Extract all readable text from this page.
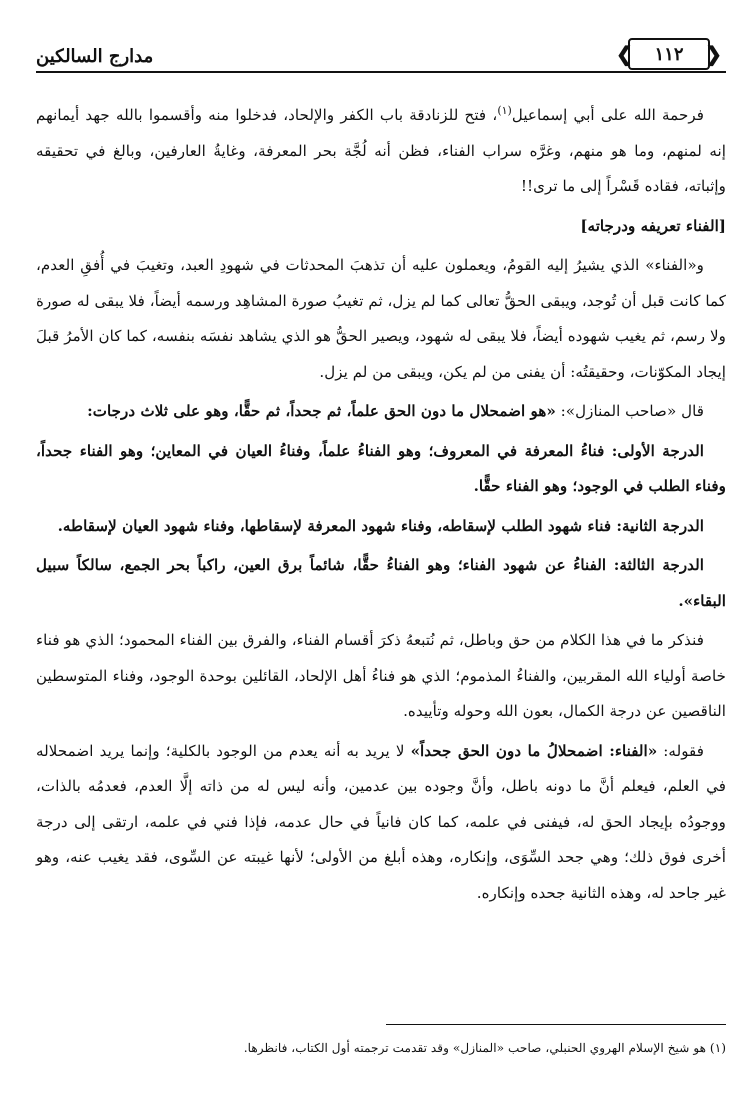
مدارج السالكين	❮ ١١٢ ❯

فرحمة الله على أبي إسماعيل$^{(١)}$، فتح للزنادقة باب الكفر والإلحاد، فدخلوا منه وأقسموا بالله جهد أيمانهم إنه لمنهم، وما هو منهم، وغرَّه سراب الفناء، فظن أنه لُجَّة بحر المعرفة، وغايةُ العارفين، وبالغ في تحقيقه وإثباته، فقاده قَسْراً إلى ما ترى!!

[الفناء تعريفه ودرجاته]

و«الفناء» الذي يشيرُ إليه القومُ، ويعملون عليه أن تذهبَ المحدثات في شهودِ العبد، وتغيبَ في أُفقِ العدم، كما كانت قبل أن تُوجد، ويبقى الحقُّ تعالى كما لم يزل، ثم تغيبُ صورة المشاهِد ورسمه أيضاً، فلا يبقى له صورة ولا رسم، ثم يغيب شهوده أيضاً، فلا يبقى له شهود، ويصير الحقُّ هو الذي يشاهد نفسَه بنفسه، كما كان الأمرُ قبلَ إيجاد المكوّنات، وحقيقتُه: أن يفنى من لم يكن، ويبقى من لم يزل.

قال «صاحب المنازل»: «هو اضمحلال ما دون الحق علماً، ثم جحداً، ثم حقًّا، وهو على ثلاث درجات:

الدرجة الأولى: فناءُ المعرفة في المعروف؛ وهو الفناءُ علماً، وفناءُ العيان في المعاين؛ وهو الفناء جحداً، وفناء الطلب في الوجود؛ وهو الفناء حقًّا.

الدرجة الثانية: فناء شهود الطلب لإسقاطه، وفناء شهود المعرفة لإسقاطها، وفناء شهود العيان لإسقاطه.

الدرجة الثالثة: الفناءُ عن شهود الفناء؛ وهو الفناءُ حقًّا، شائماً برق العين، راكباً بحر الجمع، سالكاً سبيل البقاء».

فنذكر ما في هذا الكلام من حق وباطل، ثم نُتبعهُ ذكرَ أقسام الفناء، والفرق بين الفناء المحمود؛ الذي هو فناء خاصة أولياء الله المقربين، والفناءُ المذموم؛ الذي هو فناءُ أهل الإلحاد، القائلين بوحدة الوجود، وفناء المتوسطين الناقصين عن درجة الكمال، بعون الله وحوله وتأييده.

فقوله: «الفناء: اضمحلالُ ما دون الحق جحداً» لا يريد به أنه يعدم من الوجود بالكلية؛ وإنما يريد اضمحلاله في العلم، فيعلم أنَّ ما دونه باطل، وأنَّ وجوده بين عدمين، وأنه ليس له من ذاته إلَّا العدم، فعدمُه بالذات، ووجودُه بإيجاد الحق له، فيفنى في علمه، كما كان فانياً في حال عدمه، فإذا فني في علمه، ارتقى إلى درجة أخرى فوق ذلك؛ وهي جحد السِّوَى، وإنكاره، وهذه أبلغ من الأولى؛ لأنها غيبته عن السِّوى، فقد يغيب عنه، وهو غير جاحد له، وهذه الثانية جحده وإنكاره.

(١) هو شيخ الإسلام الهروي الحنبلي، صاحب «المنازل» وقد تقدمت ترجمته أول الكتاب، فانظرها.
